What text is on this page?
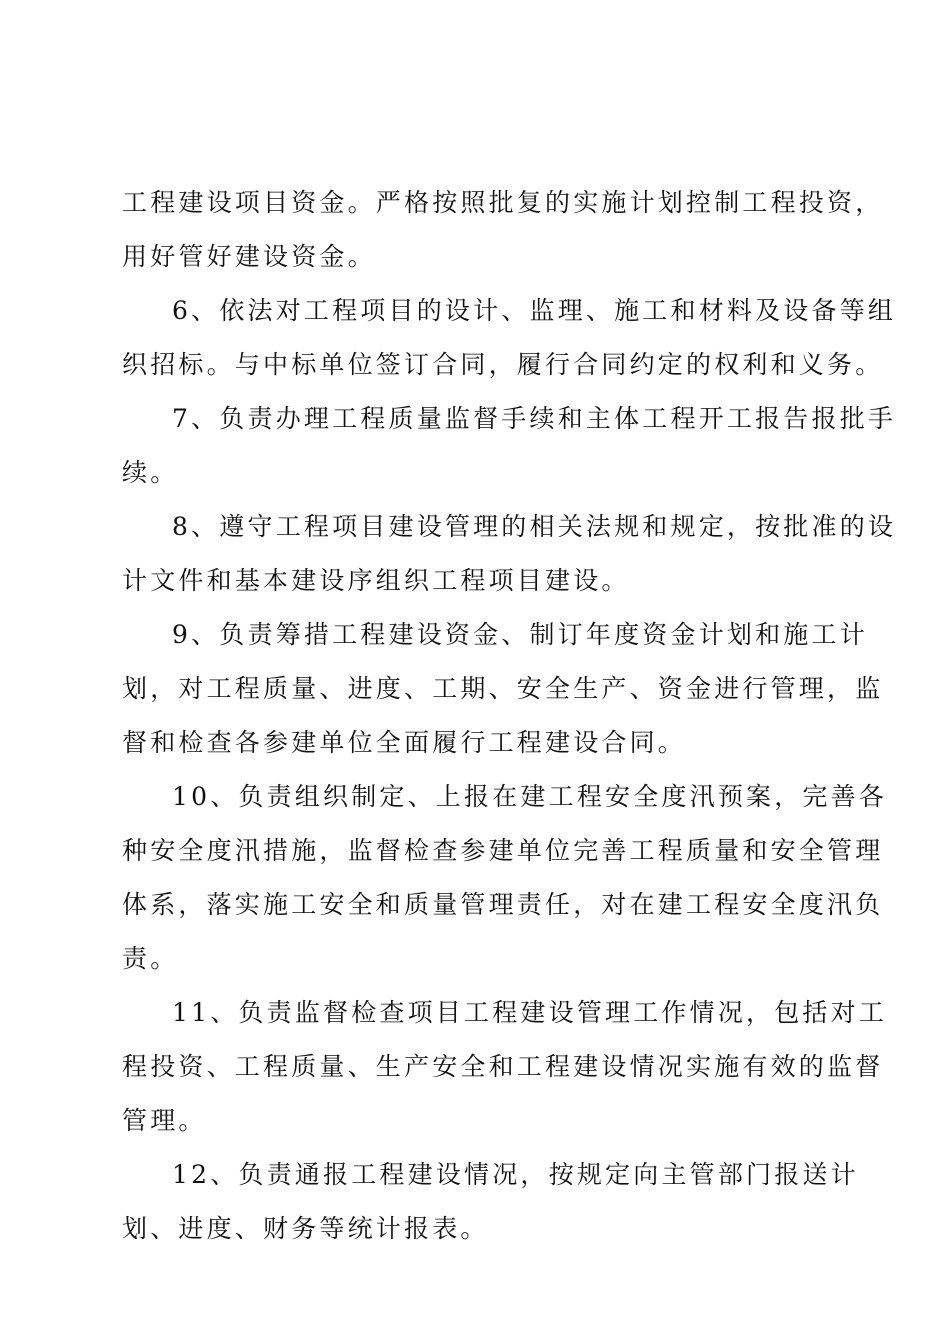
工程建设项目资金。严格按照批复的实施计划控制工程投资，
用好管好建设资金。
6、依法对工程项目的设计、监理、施工和材料及设备等组
织招标。与中标单位签订合同，履行合同约定的权利和义务。
7、负责办理工程质量监督手续和主体工程开工报告报批手
续。
8、遵守工程项目建设管理的相关法规和规定，按批准的设
计文件和基本建设序组织工程项目建设。
9、负责筹措工程建设资金、制订年度资金计划和施工计
划，对工程质量、进度、工期、安全生产、资金进行管理，监
督和检查各参建单位全面履行工程建设合同。
10、负责组织制定、上报在建工程安全度汛预案，完善各
种安全度汛措施，监督检查参建单位完善工程质量和安全管理
体系，落实施工安全和质量管理责任，对在建工程安全度汛负
责。
11、负责监督检查项目工程建设管理工作情况，包括对工
程投资、工程质量、生产安全和工程建设情况实施有效的监督
管理。
12、负责通报工程建设情况，按规定向主管部门报送计
划、进度、财务等统计报表。
